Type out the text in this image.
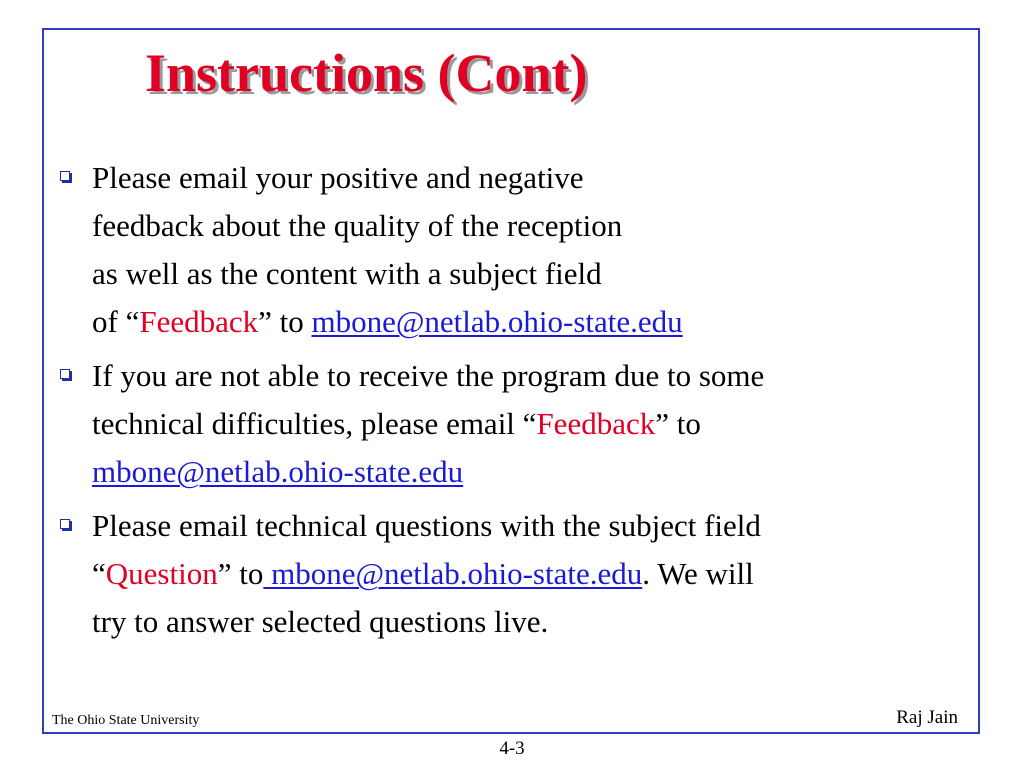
Instructions (Cont)
Please email your positive and negative
feedback about the quality of the reception
as well as the content with a subject field
of “Feedback” to mbone@netlab.ohio-state.edu
If you are not able to receive the program due to some
technical difficulties, please email “Feedback” to
mbone@netlab.ohio-state.edu
Please email technical questions with the subject field
“Question” to mbone@netlab.ohio-state.edu. We will
try to answer selected questions live.
The Ohio State University	Raj Jain
4-3
